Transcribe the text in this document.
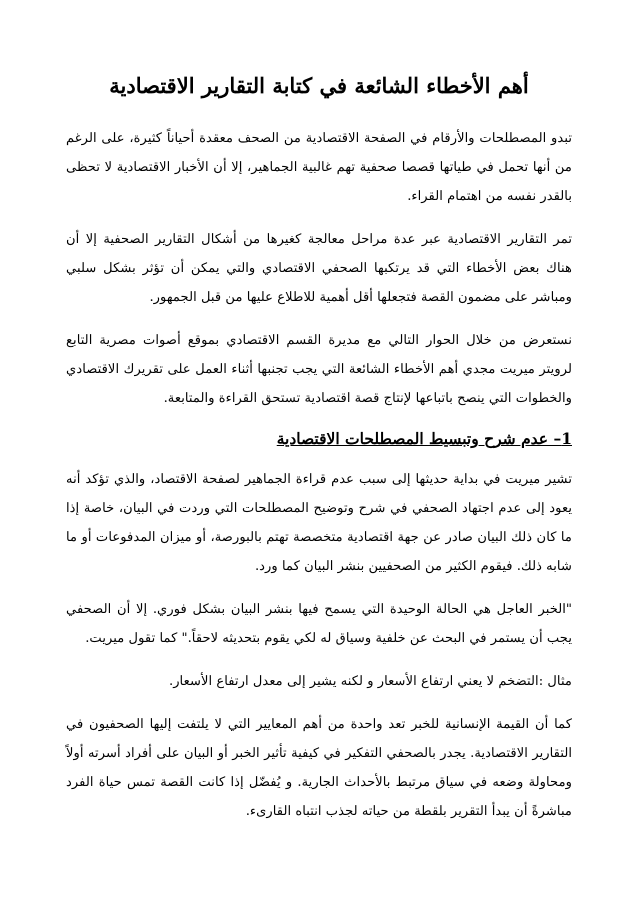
أهم الأخطاء الشائعة في كتابة التقارير الاقتصادية

تبدو المصطلحات والأرقام في الصفحة الاقتصادية من الصحف معقدة أحياناً كثيرة، على الرغم من أنها تحمل في طياتها قصصا صحفية تهم غالبية الجماهير، إلا أن الأخبار الاقتصادية لا تحظى بالقدر نفسه من اهتمام القراء.

تمر التقارير الاقتصادية عبر عدة مراحل معالجة كغيرها من أشكال التقارير الصحفية إلا أن هناك بعض الأخطاء التي قد يرتكبها الصحفي الاقتصادي والتي يمكن أن تؤثر بشكل سلبي ومباشر على مضمون القصة فتجعلها أقل أهمية للاطلاع عليها من قبل الجمهور.

نستعرض من خلال الحوار التالي مع مديرة القسم الاقتصادي بموقع أصوات مصرية التابع لرويتر ميريت مجدي أهم الأخطاء الشائعة التي يجب تجنبها أثناء العمل على تقريرك الاقتصادي والخطوات التي ينصح باتباعها لإنتاج قصة اقتصادية تستحق القراءة والمتابعة.

1– عدم شرح وتبسيط المصطلحات الاقتصادية

تشير ميريت في بداية حديثها إلى سبب عدم قراءة الجماهير لصفحة الاقتصاد، والذي تؤكد أنه يعود إلى عدم اجتهاد الصحفي في شرح وتوضيح المصطلحات التي وردت في البيان، خاصة إذا ما كان ذلك البيان صادر عن جهة اقتصادية متخصصة تهتم بالبورصة، أو ميزان المدفوعات أو ما شابه ذلك. فيقوم الكثير من الصحفيين بنشر البيان كما ورد.

"الخبر العاجل هي الحالة الوحيدة التي يسمح فيها بنشر البيان بشكل فوري. إلا أن الصحفي يجب أن يستمر في البحث عن خلفية وسياق له لكي يقوم بتحديثه لاحقاً." كما تقول ميريت.

مثال :التضخم لا يعني ارتفاع الأسعار و لكنه يشير إلى معدل ارتفاع الأسعار.

كما أن القيمة الإنسانية للخبر تعد واحدة من أهم المعايير التي لا يلتفت إليها الصحفيون في التقارير الاقتصادية. يجدر بالصحفي التفكير في كيفية تأثير الخبر أو البيان على أفراد أسرته أولاً ومحاولة وضعه في سياق مرتبط بالأحداث الجارية. و يُفضّل إذا كانت القصة تمس حياة الفرد مباشرةً أن يبدأ التقرير بلقطة من حياته لجذب انتباه القارىء.
